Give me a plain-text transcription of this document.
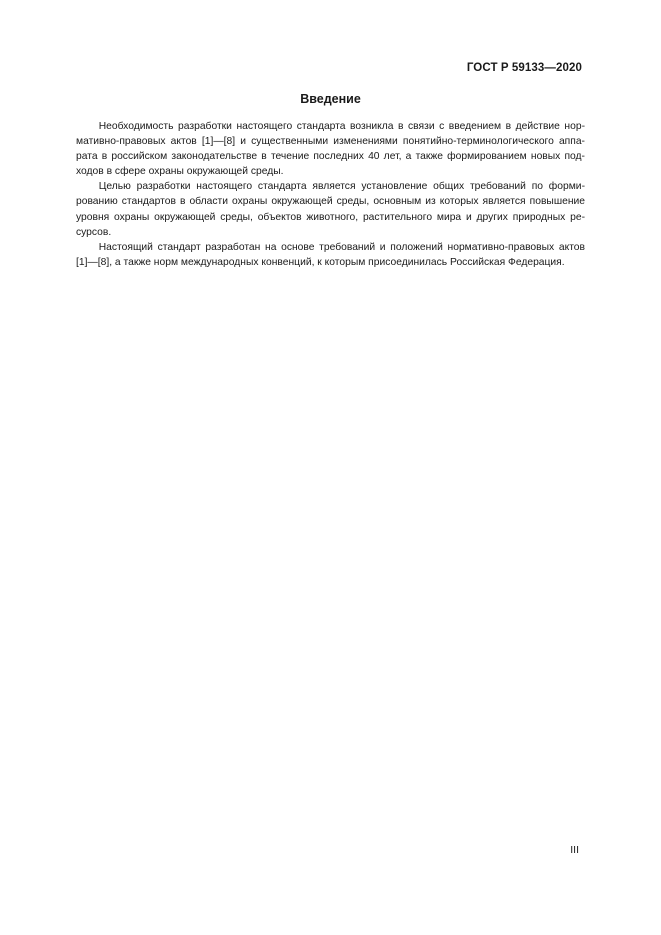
ГОСТ Р 59133—2020
Введение

   Необходимость разработки настоящего стандарта возникла в связи с введением в действие нор-
мативно-правовых актов [1]—[8] и существенными изменениями понятийно-терминологического аппа-
рата в российском законодательстве в течение последних 40 лет, а также формированием новых под-
ходов в сфере охраны окружающей среды.

   Целью разработки настоящего стандарта является установление общих требований по форми-
рованию стандартов в области охраны окружающей среды, основным из которых является повышение
уровня охраны окружающей среды, объектов животного, растительного мира и других природных ре-
сурсов.

   Настоящий стандарт разработан на основе требований и положений нормативно-правовых актов
[1]—[8], а также норм международных конвенций, к которым присоединилась Российская Федерация.

III
